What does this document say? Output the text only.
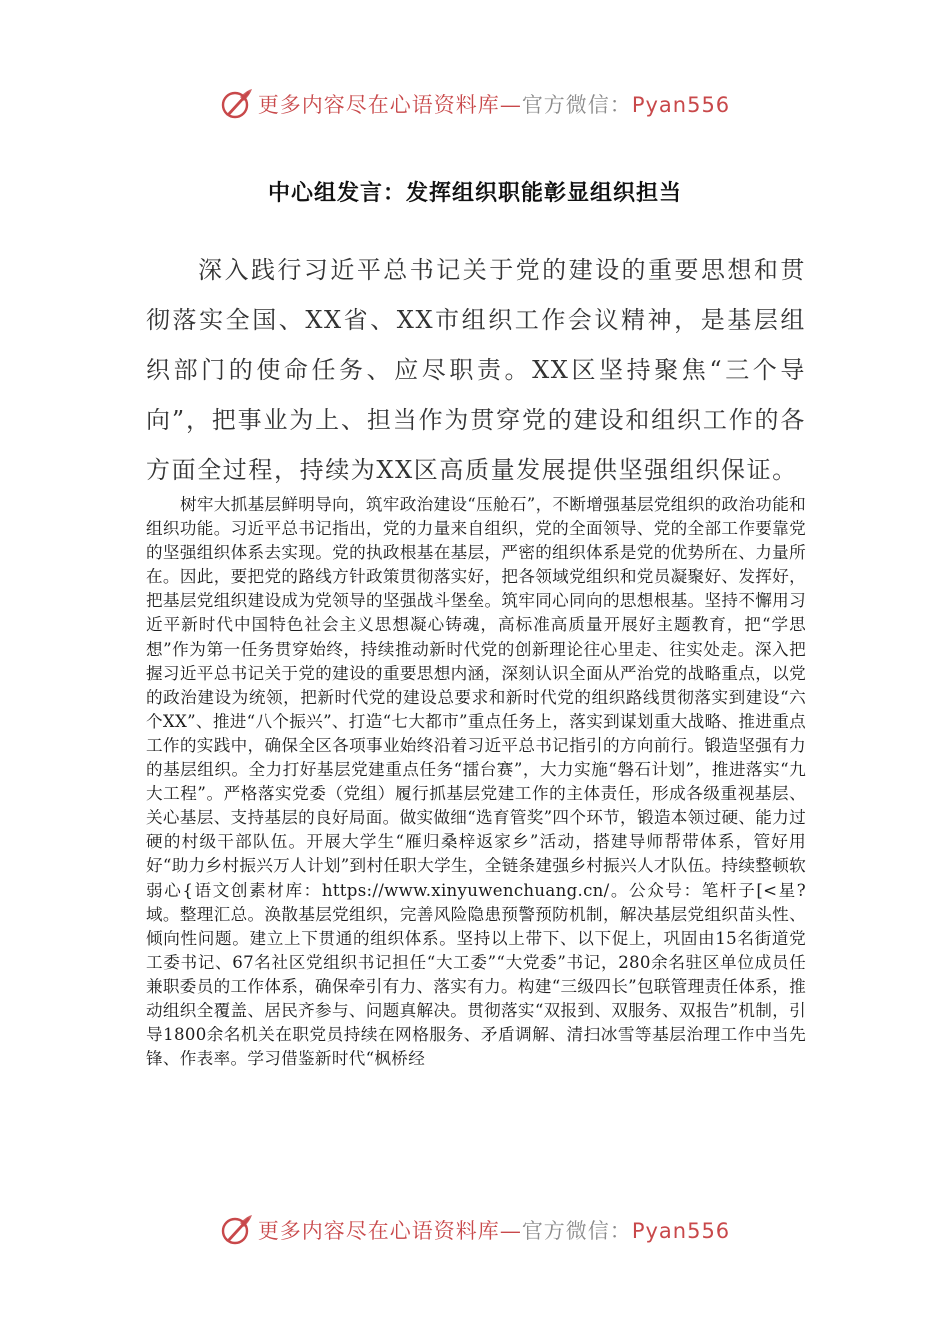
更多内容尽在心语资料库—官方微信：Pyan556
中心组发言：发挥组织职能彰显组织担当

深入践行习近平总书记关于党的建设的重要思想和贯彻落实全国、XX省、XX市组织工作会议精神，是基层组织部门的使命任务、应尽职责。XX区坚持聚焦“三个导向”，把事业为上、担当作为贯穿党的建设和组织工作的各方面全过程，持续为XX区高质量发展提供坚强组织保证。

树牢大抓基层鲜明导向，筑牢政治建设“压舱石”，不断增强基层党组织的政治功能和组织功能。习近平总书记指出，党的力量来自组织，党的全面领导、党的全部工作要靠党的坚强组织体系去实现。党的执政根基在基层，严密的组织体系是党的优势所在、力量所在。因此，要把党的路线方针政策贯彻落实好，把各领域党组织和党员凝聚好、发挥好，把基层党组织建设成为党领导的坚强战斗堡垒。筑牢同心同向的思想根基。坚持不懈用习近平新时代中国特色社会主义思想凝心铸魂，高标准高质量开展好主题教育，把“学思想”作为第一任务贯穿始终，持续推动新时代党的创新理论往心里走、往实处走。深入把握习近平总书记关于党的建设的重要思想内涵，深刻认识全面从严治党的战略重点，以党的政治建设为统领，把新时代党的建设总要求和新时代党的组织路线贯彻落实到建设“六个XX”、推进“八个振兴”、打造“七大都市”重点任务上，落实到谋划重大战略、推进重点工作的实践中，确保全区各项事业始终沿着习近平总书记指引的方向前行。锻造坚强有力的基层组织。全力打好基层党建重点任务“擂台赛”，大力实施“磐石计划”，推进落实“九大工程”。严格落实党委（党组）履行抓基层党建工作的主体责任，形成各级重视基层、关心基层、支持基层的良好局面。做实做细“选育管奖”四个环节，锻造本领过硬、能力过硬的村级干部队伍。开展大学生“雁归桑梓返家乡”活动，搭建导师帮带体系，管好用好“助力乡村振兴万人计划”到村任职大学生，全链条建强乡村振兴人才队伍。持续整顿软弱心{语文创素材库：https://www.xinyuwenchuang.cn/。公众号：笔杆子[<星?域。整理汇总。涣散基层党组织，完善风险隐患预警预防机制，解决基层党组织苗头性、倾向性问题。建立上下贯通的组织体系。坚持以上带下、以下促上，巩固由15名街道党工委书记、67名社区党组织书记担任“大工委”“大党委”书记，280余名驻区单位成员任兼职委员的工作体系，确保牵引有力、落实有力。构建“三级四长”包联管理责任体系，推动组织全覆盖、居民齐参与、问题真解决。贯彻落实“双报到、双服务、双报告”机制，引导1800余名机关在职党员持续在网格服务、矛盾调解、清扫冰雪等基层治理工作中当先锋、作表率。学习借鉴新时代“枫桥经

更多内容尽在心语资料库—官方微信：Pyan556
